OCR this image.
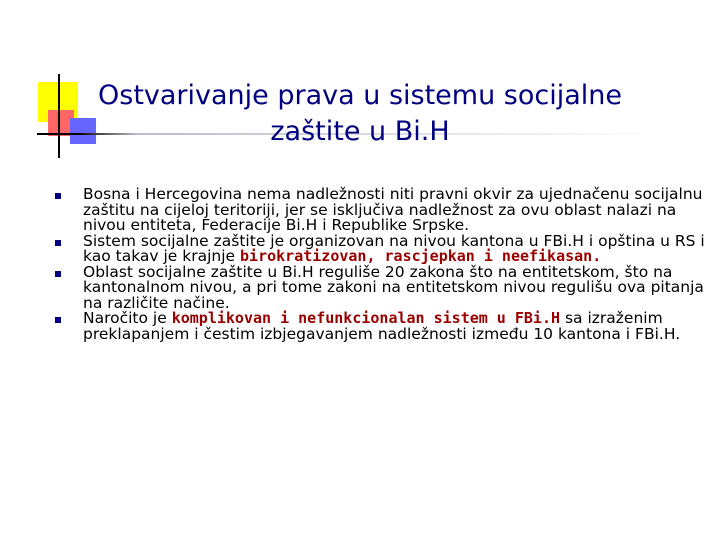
Ostvarivanje prava u sistemu socijalne
zaštite u Bi.H
Bosna i Hercegovina nema nadležnosti niti pravni okvir za ujednačenu socijalnu zaštitu na cijeloj teritoriji, jer se isključiva nadležnost za ovu oblast nalazi na nivou entiteta, Federacije Bi.H i Republike Srpske.
Sistem socijalne zaštite je organizovan na nivou kantona u FBi.H i opština u RS i kao takav je krajnje birokratizovan, rascjepkan i neefikasan.
Oblast socijalne zaštite u Bi.H reguliše 20 zakona što na entitetskom, što na kantonalnom nivou, a pri tome zakoni na entitetskom nivou regulišu ova pitanja na različite načine.
Naročito je komplikovan i nefunkcionalan sistem u FBi.H sa izraženim preklapanjem i čestim izbjegavanjem nadležnosti između 10 kantona i FBi.H.
